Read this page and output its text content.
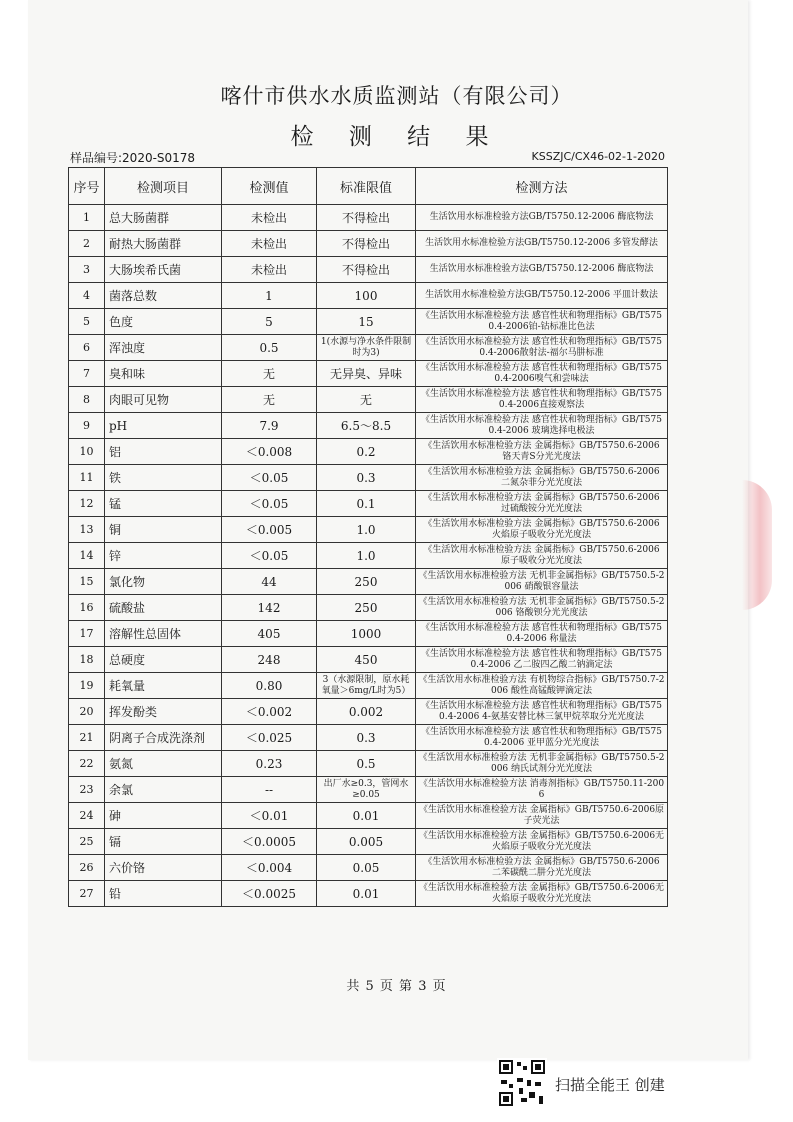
喀什市供水水质监测站（有限公司）
检 测 结 果
样品编号:2020-S0178	KSSZJC/CX46-02-1-2020
序号	检测项目	检测值	标准限值	检测方法
1	总大肠菌群	未检出	不得检出	生活饮用水标准检验方法GB/T5750.12-2006 酶底物法
2	耐热大肠菌群	未检出	不得检出	生活饮用水标准检验方法GB/T5750.12-2006 多管发酵法
3	大肠埃希氏菌	未检出	不得检出	生活饮用水标准检验方法GB/T5750.12-2006 酶底物法
4	菌落总数	1	100	生活饮用水标准检验方法GB/T5750.12-2006 平皿计数法
5	色度	5	15	《生活饮用水标准检验方法 感官性状和物理指标》GB/T5750.4-2006铂-钴标准比色法
6	浑浊度	0.5	1(水源与净水条件限制时为3)	《生活饮用水标准检验方法 感官性状和物理指标》GB/T5750.4-2006散射法-福尔马肼标准
7	臭和味	无	无异臭、异味	《生活饮用水标准检验方法 感官性状和物理指标》GB/T5750.4-2006嗅气和尝味法
8	肉眼可见物	无	无	《生活饮用水标准检验方法 感官性状和物理指标》GB/T5750.4-2006直接观察法
9	pH	7.9	6.5～8.5	《生活饮用水标准检验方法 感官性状和物理指标》GB/T5750.4-2006 玻璃选择电极法
10	铝	＜0.008	0.2	《生活饮用水标准检验方法 金属指标》GB/T5750.6-2006 铬天青S分光光度法
11	铁	＜0.05	0.3	《生活饮用水标准检验方法 金属指标》GB/T5750.6-2006 二氮杂菲分光光度法
12	锰	＜0.05	0.1	《生活饮用水标准检验方法 金属指标》GB/T5750.6-2006 过硫酸铵分光光度法
13	铜	＜0.005	1.0	《生活饮用水标准检验方法 金属指标》GB/T5750.6-2006 火焰原子吸收分光光度法
14	锌	＜0.05	1.0	《生活饮用水标准检验方法 金属指标》GB/T5750.6-2006 原子吸收分光光度法
15	氯化物	44	250	《生活饮用水标准检验方法 无机非金属指标》GB/T5750.5-2006 硝酸银容量法
16	硫酸盐	142	250	《生活饮用水标准检验方法 无机非金属指标》GB/T5750.5-2006 铬酸钡分光光度法
17	溶解性总固体	405	1000	《生活饮用水标准检验方法 感官性状和物理指标》GB/T5750.4-2006 称量法
18	总硬度	248	450	《生活饮用水标准检验方法 感官性状和物理指标》GB/T5750.4-2006 乙二胺四乙酸二钠滴定法
19	耗氧量	0.80	3（水源限制，原水耗氧量＞6mg/L时为5）	《生活饮用水标准检验方法 有机物综合指标》GB/T5750.7-2006 酸性高锰酸钾滴定法
20	挥发酚类	＜0.002	0.002	《生活饮用水标准检验方法 感官性状和物理指标》GB/T5750.4-2006 4-氨基安替比林三氯甲烷萃取分光光度法
21	阴离子合成洗涤剂	＜0.025	0.3	《生活饮用水标准检验方法 感官性状和物理指标》GB/T5750.4-2006 亚甲蓝分光光度法
22	氨氮	0.23	0.5	《生活饮用水标准检验方法 无机非金属指标》GB/T5750.5-2006 纳氏试剂分光光度法
23	余氯	--	出厂水≥0.3，管网水≥0.05	《生活饮用水标准检验方法 消毒剂指标》GB/T5750.11-2006
24	砷	＜0.01	0.01	《生活饮用水标准检验方法 金属指标》GB/T5750.6-2006原子荧光法
25	镉	＜0.0005	0.005	《生活饮用水标准检验方法 金属指标》GB/T5750.6-2006无火焰原子吸收分光光度法
26	六价铬	＜0.004	0.05	《生活饮用水标准检验方法 金属指标》GB/T5750.6-2006 二苯碳酰二肼分光光度法
27	铅	＜0.0025	0.01	《生活饮用水标准检验方法 金属指标》GB/T5750.6-2006无火焰原子吸收分光光度法
共 5 页 第 3 页
扫描全能王 创建
